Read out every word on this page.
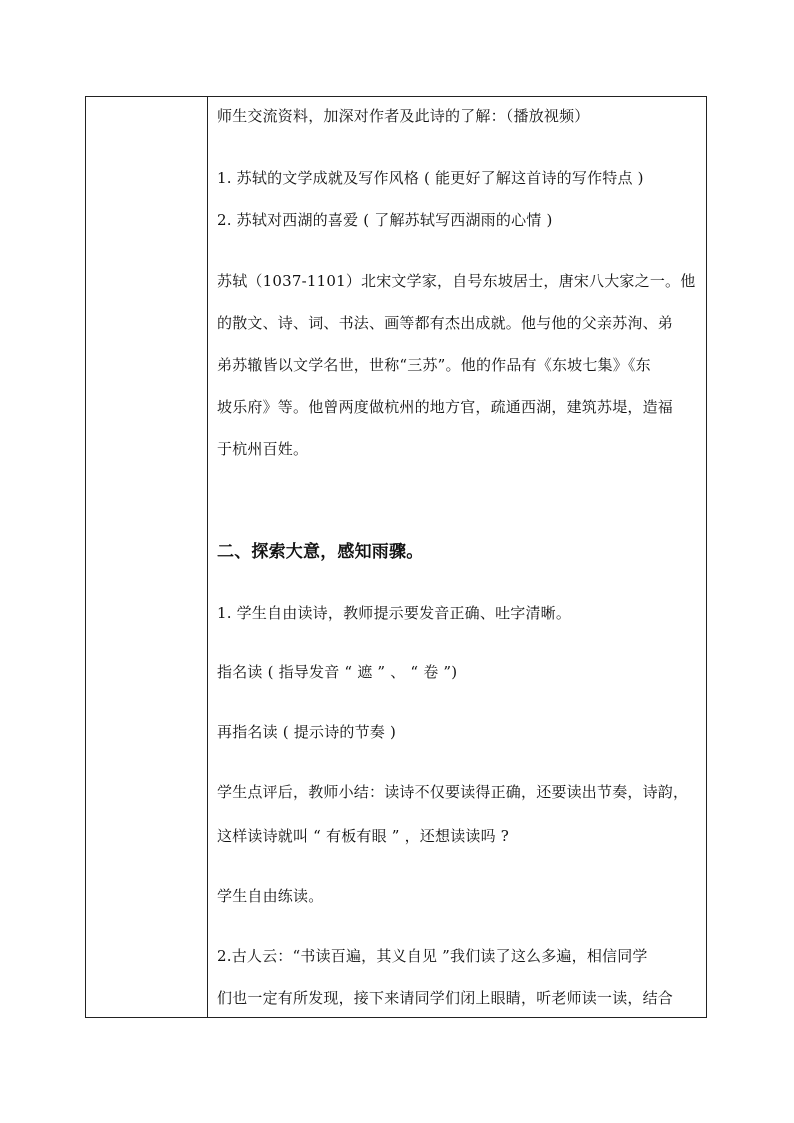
师生交流资料，加深对作者及此诗的了解：（播放视频）
1. 苏轼的文学成就及写作风格 ( 能更好了解这首诗的写作特点 )
2. 苏轼对西湖的喜爱 ( 了解苏轼写西湖雨的心情 )
苏轼（1037-1101）北宋文学家，自号东坡居士，唐宋八大家之一。他
的散文、诗、词、书法、画等都有杰出成就。他与他的父亲苏洵、弟
弟苏辙皆以文学名世，世称“三苏”。他的作品有《东坡七集》《东
坡乐府》等。他曾两度做杭州的地方官，疏通西湖，建筑苏堤，造福
于杭州百姓。
二、探索大意，感知雨骤。
1. 学生自由读诗，教师提示要发音正确、吐字清晰。
指名读 ( 指导发音 “ 遮 ” 、 “ 卷 ”)
再指名读 ( 提示诗的节奏 )
学生点评后，教师小结：读诗不仅要读得正确，还要读出节奏，诗韵，
这样读诗就叫 “ 有板有眼 ” ，还想读读吗 ?
学生自由练读。
2.古人云：“书读百遍，其义自见 ”我们读了这么多遍，相信同学
们也一定有所发现，接下来请同学们闭上眼睛，听老师读一读，结合
